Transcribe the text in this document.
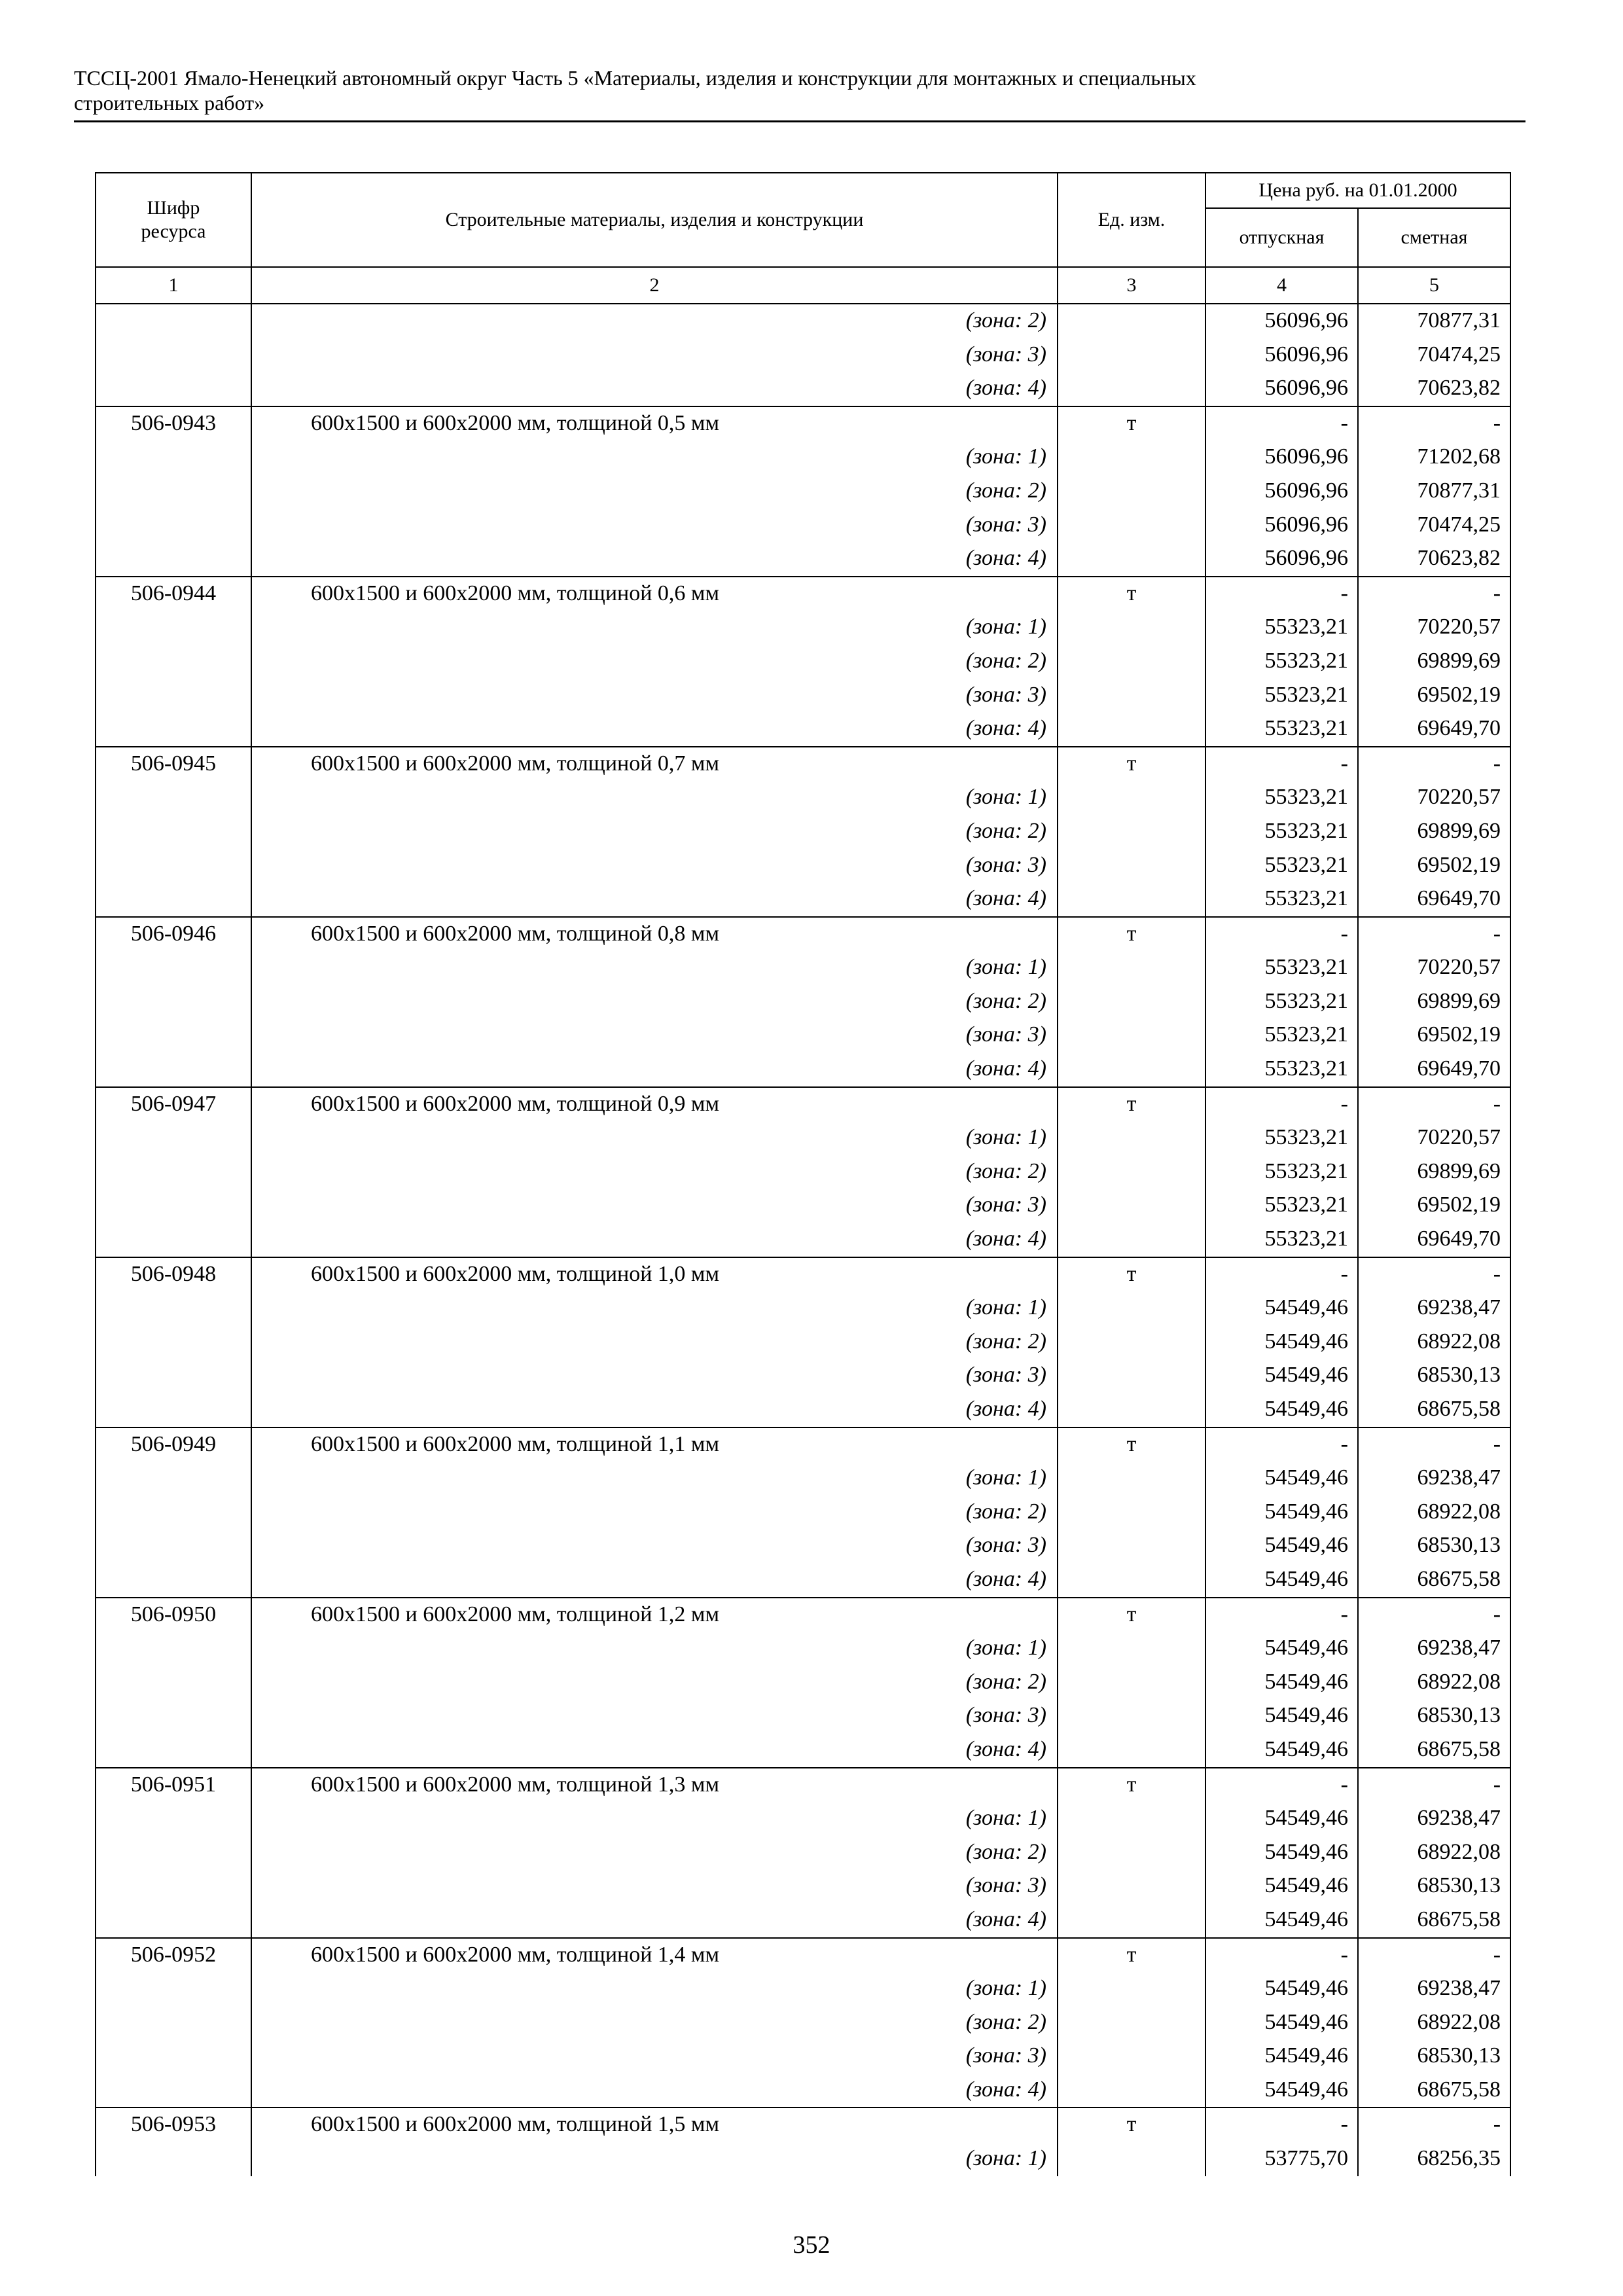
ТССЦ-2001 Ямало-Ненецкий автономный округ Часть 5 «Материалы, изделия и конструкции для монтажных и специальных
строительных работ»
Шифр ресурса	Строительные материалы, изделия и конструкции	Ед. изм.	Цена руб. на 01.01.2000	
			отпускная	сметная
1	2	3	4	5
	(зона: 2)		56096,96	70877,31
	(зона: 3)		56096,96	70474,25
	(зона: 4)		56096,96	70623,82
506-0943	600x1500 и 600x2000 мм, толщиной 0,5 мм	т	-	-
	(зона: 1)		56096,96	71202,68
	(зона: 2)		56096,96	70877,31
	(зона: 3)		56096,96	70474,25
	(зона: 4)		56096,96	70623,82
506-0944	600x1500 и 600x2000 мм, толщиной 0,6 мм	т	-	-
	(зона: 1)		55323,21	70220,57
	(зона: 2)		55323,21	69899,69
	(зона: 3)		55323,21	69502,19
	(зона: 4)		55323,21	69649,70
506-0945	600x1500 и 600x2000 мм, толщиной 0,7 мм	т	-	-
	(зона: 1)		55323,21	70220,57
	(зона: 2)		55323,21	69899,69
	(зона: 3)		55323,21	69502,19
	(зона: 4)		55323,21	69649,70
506-0946	600x1500 и 600x2000 мм, толщиной 0,8 мм	т	-	-
	(зона: 1)		55323,21	70220,57
	(зона: 2)		55323,21	69899,69
	(зона: 3)		55323,21	69502,19
	(зона: 4)		55323,21	69649,70
506-0947	600x1500 и 600x2000 мм, толщиной 0,9 мм	т	-	-
	(зона: 1)		55323,21	70220,57
	(зона: 2)		55323,21	69899,69
	(зона: 3)		55323,21	69502,19
	(зона: 4)		55323,21	69649,70
506-0948	600x1500 и 600x2000 мм, толщиной 1,0 мм	т	-	-
	(зона: 1)		54549,46	69238,47
	(зона: 2)		54549,46	68922,08
	(зона: 3)		54549,46	68530,13
	(зона: 4)		54549,46	68675,58
506-0949	600x1500 и 600x2000 мм, толщиной 1,1 мм	т	-	-
	(зона: 1)		54549,46	69238,47
	(зона: 2)		54549,46	68922,08
	(зона: 3)		54549,46	68530,13
	(зона: 4)		54549,46	68675,58
506-0950	600x1500 и 600x2000 мм, толщиной 1,2 мм	т	-	-
	(зона: 1)		54549,46	69238,47
	(зона: 2)		54549,46	68922,08
	(зона: 3)		54549,46	68530,13
	(зона: 4)		54549,46	68675,58
506-0951	600x1500 и 600x2000 мм, толщиной 1,3 мм	т	-	-
	(зона: 1)		54549,46	69238,47
	(зона: 2)		54549,46	68922,08
	(зона: 3)		54549,46	68530,13
	(зона: 4)		54549,46	68675,58
506-0952	600x1500 и 600x2000 мм, толщиной 1,4 мм	т	-	-
	(зона: 1)		54549,46	69238,47
	(зона: 2)		54549,46	68922,08
	(зона: 3)		54549,46	68530,13
	(зона: 4)		54549,46	68675,58
506-0953	600x1500 и 600x2000 мм, толщиной 1,5 мм	т	-	-
	(зона: 1)		53775,70	68256,35
352
